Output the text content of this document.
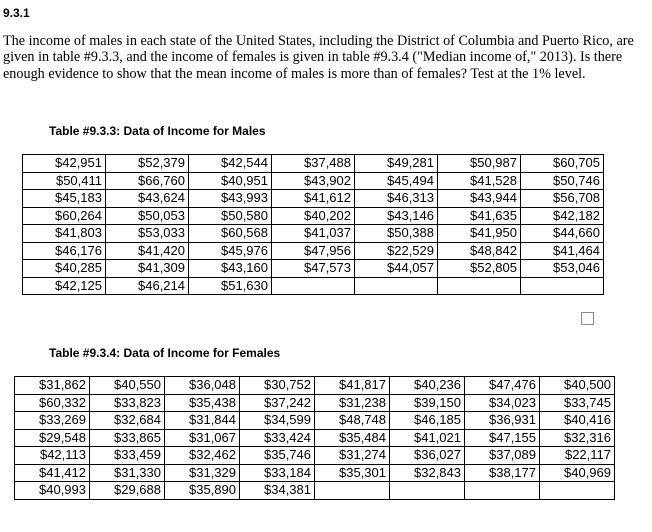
9.3.1

The income of males in each state of the United States, including the District of Columbia and Puerto Rico, are given in table #9.3.3, and the income of females is given in table #9.3.4 ("Median income of," 2013). Is there enough evidence to show that the mean income of males is more than of females? Test at the 1% level.

Table #9.3.3: Data of Income for Males
$42,951	$52,379	$42,544	$37,488	$49,281	$50,987	$60,705
$50,411	$66,760	$40,951	$43,902	$45,494	$41,528	$50,746
$45,183	$43,624	$43,993	$41,612	$46,313	$43,944	$56,708
$60,264	$50,053	$50,580	$40,202	$43,146	$41,635	$42,182
$41,803	$53,033	$60,568	$41,037	$50,388	$41,950	$44,660
$46,176	$41,420	$45,976	$47,956	$22,529	$48,842	$41,464
$40,285	$41,309	$43,160	$47,573	$44,057	$52,805	$53,046
$42,125	$46,214	$51,630				
Table #9.3.4: Data of Income for Females
$31,862	$40,550	$36,048	$30,752	$41,817	$40,236	$47,476	$40,500
$60,332	$33,823	$35,438	$37,242	$31,238	$39,150	$34,023	$33,745
$33,269	$32,684	$31,844	$34,599	$48,748	$46,185	$36,931	$40,416
$29,548	$33,865	$31,067	$33,424	$35,484	$41,021	$47,155	$32,316
$42,113	$33,459	$32,462	$35,746	$31,274	$36,027	$37,089	$22,117
$41,412	$31,330	$31,329	$33,184	$35,301	$32,843	$38,177	$40,969
$40,993	$29,688	$35,890	$34,381				
